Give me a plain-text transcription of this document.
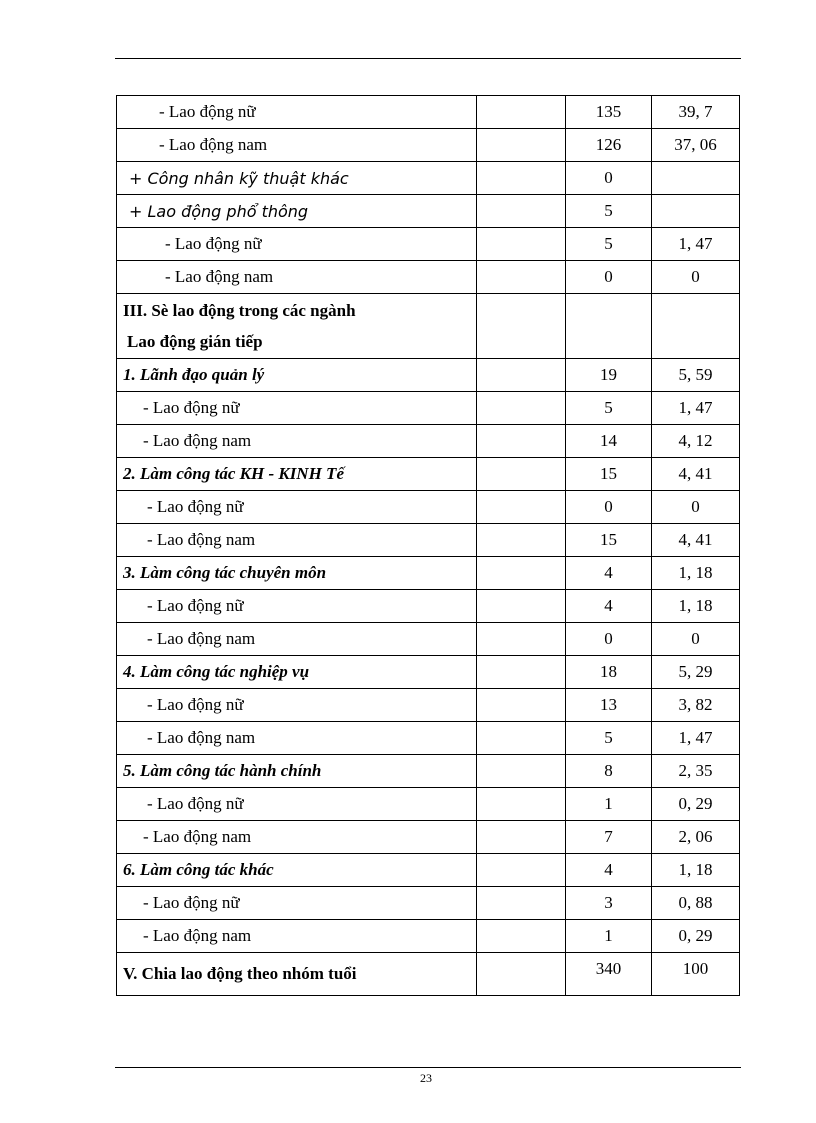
- Lao động nữ		135	39, 7
- Lao động nam		126	37, 06
+ Công nhân kỹ thuật khác		0	
+ Lao động phổ thông		5	
- Lao động nữ		5	1, 47
- Lao động nam		0	0

III. Sè lao động trong các ngành
Lao động gián tiếp			

1. Lãnh đạo quản lý		19	5, 59
- Lao động nữ		5	1, 47
- Lao động nam		14	4, 12
2. Làm công tác KH - KINH Tế		15	4, 41
- Lao động nữ		0	0
- Lao động nam		15	4, 41
3. Làm công tác chuyên môn		4	1, 18
- Lao động nữ		4	1, 18
- Lao động nam		0	0
4. Làm công tác nghiệp vụ		18	5, 29
- Lao động nữ		13	3, 82
- Lao động nam		5	1, 47
5. Làm công tác hành chính		8	2, 35
- Lao động nữ		1	0, 29
- Lao động nam		7	2, 06
6. Làm công tác khác		4	1, 18
- Lao động nữ		3	0, 88
- Lao động nam		1	0, 29
V. Chia lao động theo nhóm tuổi		340	100
23
